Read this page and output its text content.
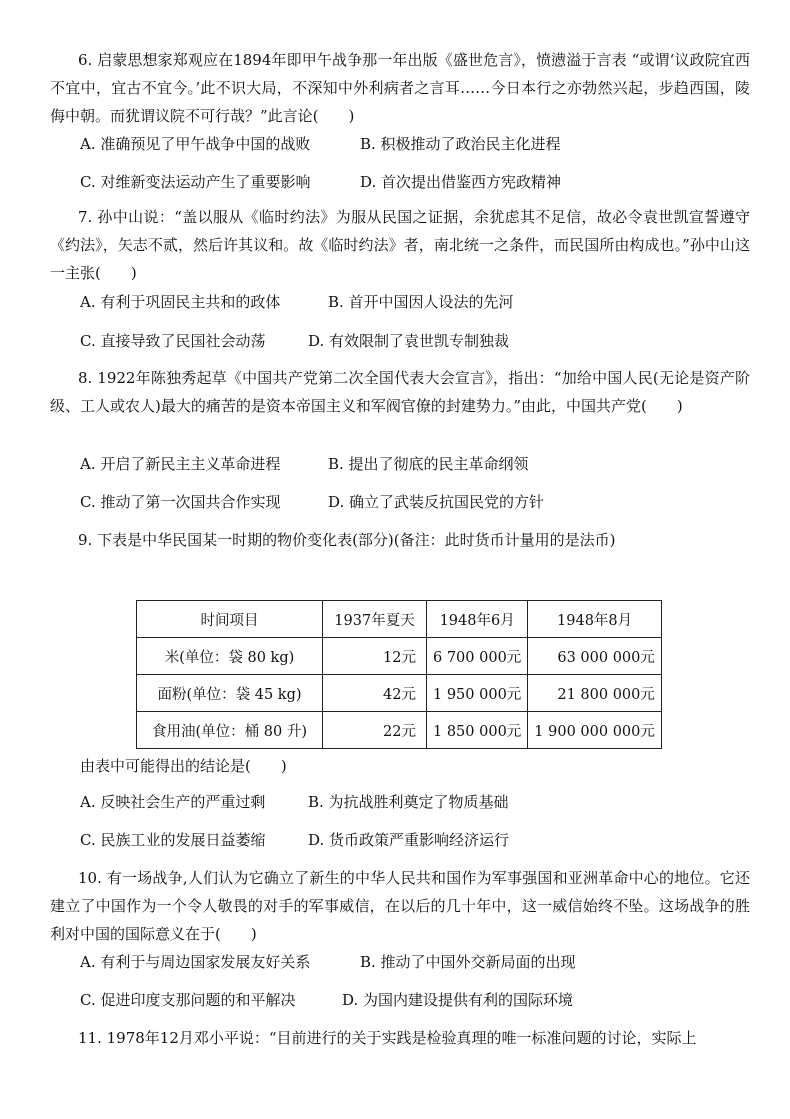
6. 启蒙思想家郑观应在1894年即甲午战争那一年出版《盛世危言》，愤懑溢于言表 “或谓‘议政院宜西不宜中，宜古不宜今。’此不识大局，不深知中外利病者之言耳……今日本行之亦勃然兴起，步趋西国，陵侮中朝。而犹谓议院不可行哉？”此言论(　　)
A. 准确预见了甲午战争中国的战败	B. 积极推动了政治民主化进程
C. 对维新变法运动产生了重要影响	D. 首次提出借鉴西方宪政精神
7. 孙中山说：“盖以服从《临时约法》为服从民国之证据，余犹虑其不足信，故必令袁世凯宣誓遵守《约法》，矢志不贰，然后许其议和。故《临时约法》者，南北统一之条件，而民国所由构成也。”孙中山这一主张(　　)
A. 有利于巩固民主共和的政体	B. 首开中国因人设法的先河
C. 直接导致了民国社会动荡	D. 有效限制了袁世凯专制独裁
8. 1922年陈独秀起草《中国共产党第二次全国代表大会宣言》，指出：“加给中国人民(无论是资产阶级、工人或农人)最大的痛苦的是资本帝国主义和军阀官僚的封建势力。”由此，中国共产党(　　)
A. 开启了新民主主义革命进程	B. 提出了彻底的民主革命纲领
C. 推动了第一次国共合作实现	D. 确立了武装反抗国民党的方针
9. 下表是中华民国某一时期的物价变化表(部分)(备注：此时货币计量用的是法币)
时间项目	1937年夏天	1948年6月	1948年8月
米(单位：袋 80 kg)	12元	6 700 000元	63 000 000元
面粉(单位：袋 45 kg)	42元	1 950 000元	21 800 000元
食用油(单位：桶 80 升)	22元	1 850 000元	1 900 000 000元
由表中可能得出的结论是(　　)
A. 反映社会生产的严重过剩	B. 为抗战胜利奠定了物质基础
C. 民族工业的发展日益萎缩	D. 货币政策严重影响经济运行
10. 有一场战争,人们认为它确立了新生的中华人民共和国作为军事强国和亚洲革命中心的地位。它还建立了中国作为一个令人敬畏的对手的军事威信，在以后的几十年中，这一威信始终不坠。这场战争的胜利对中国的国际意义在于(　　)
A. 有利于与周边国家发展友好关系	B. 推动了中国外交新局面的出现
C. 促进印度支那问题的和平解决	D. 为国内建设提供有利的国际环境
11. 1978年12月邓小平说：“目前进行的关于实践是检验真理的唯一标准问题的讨论，实际上
